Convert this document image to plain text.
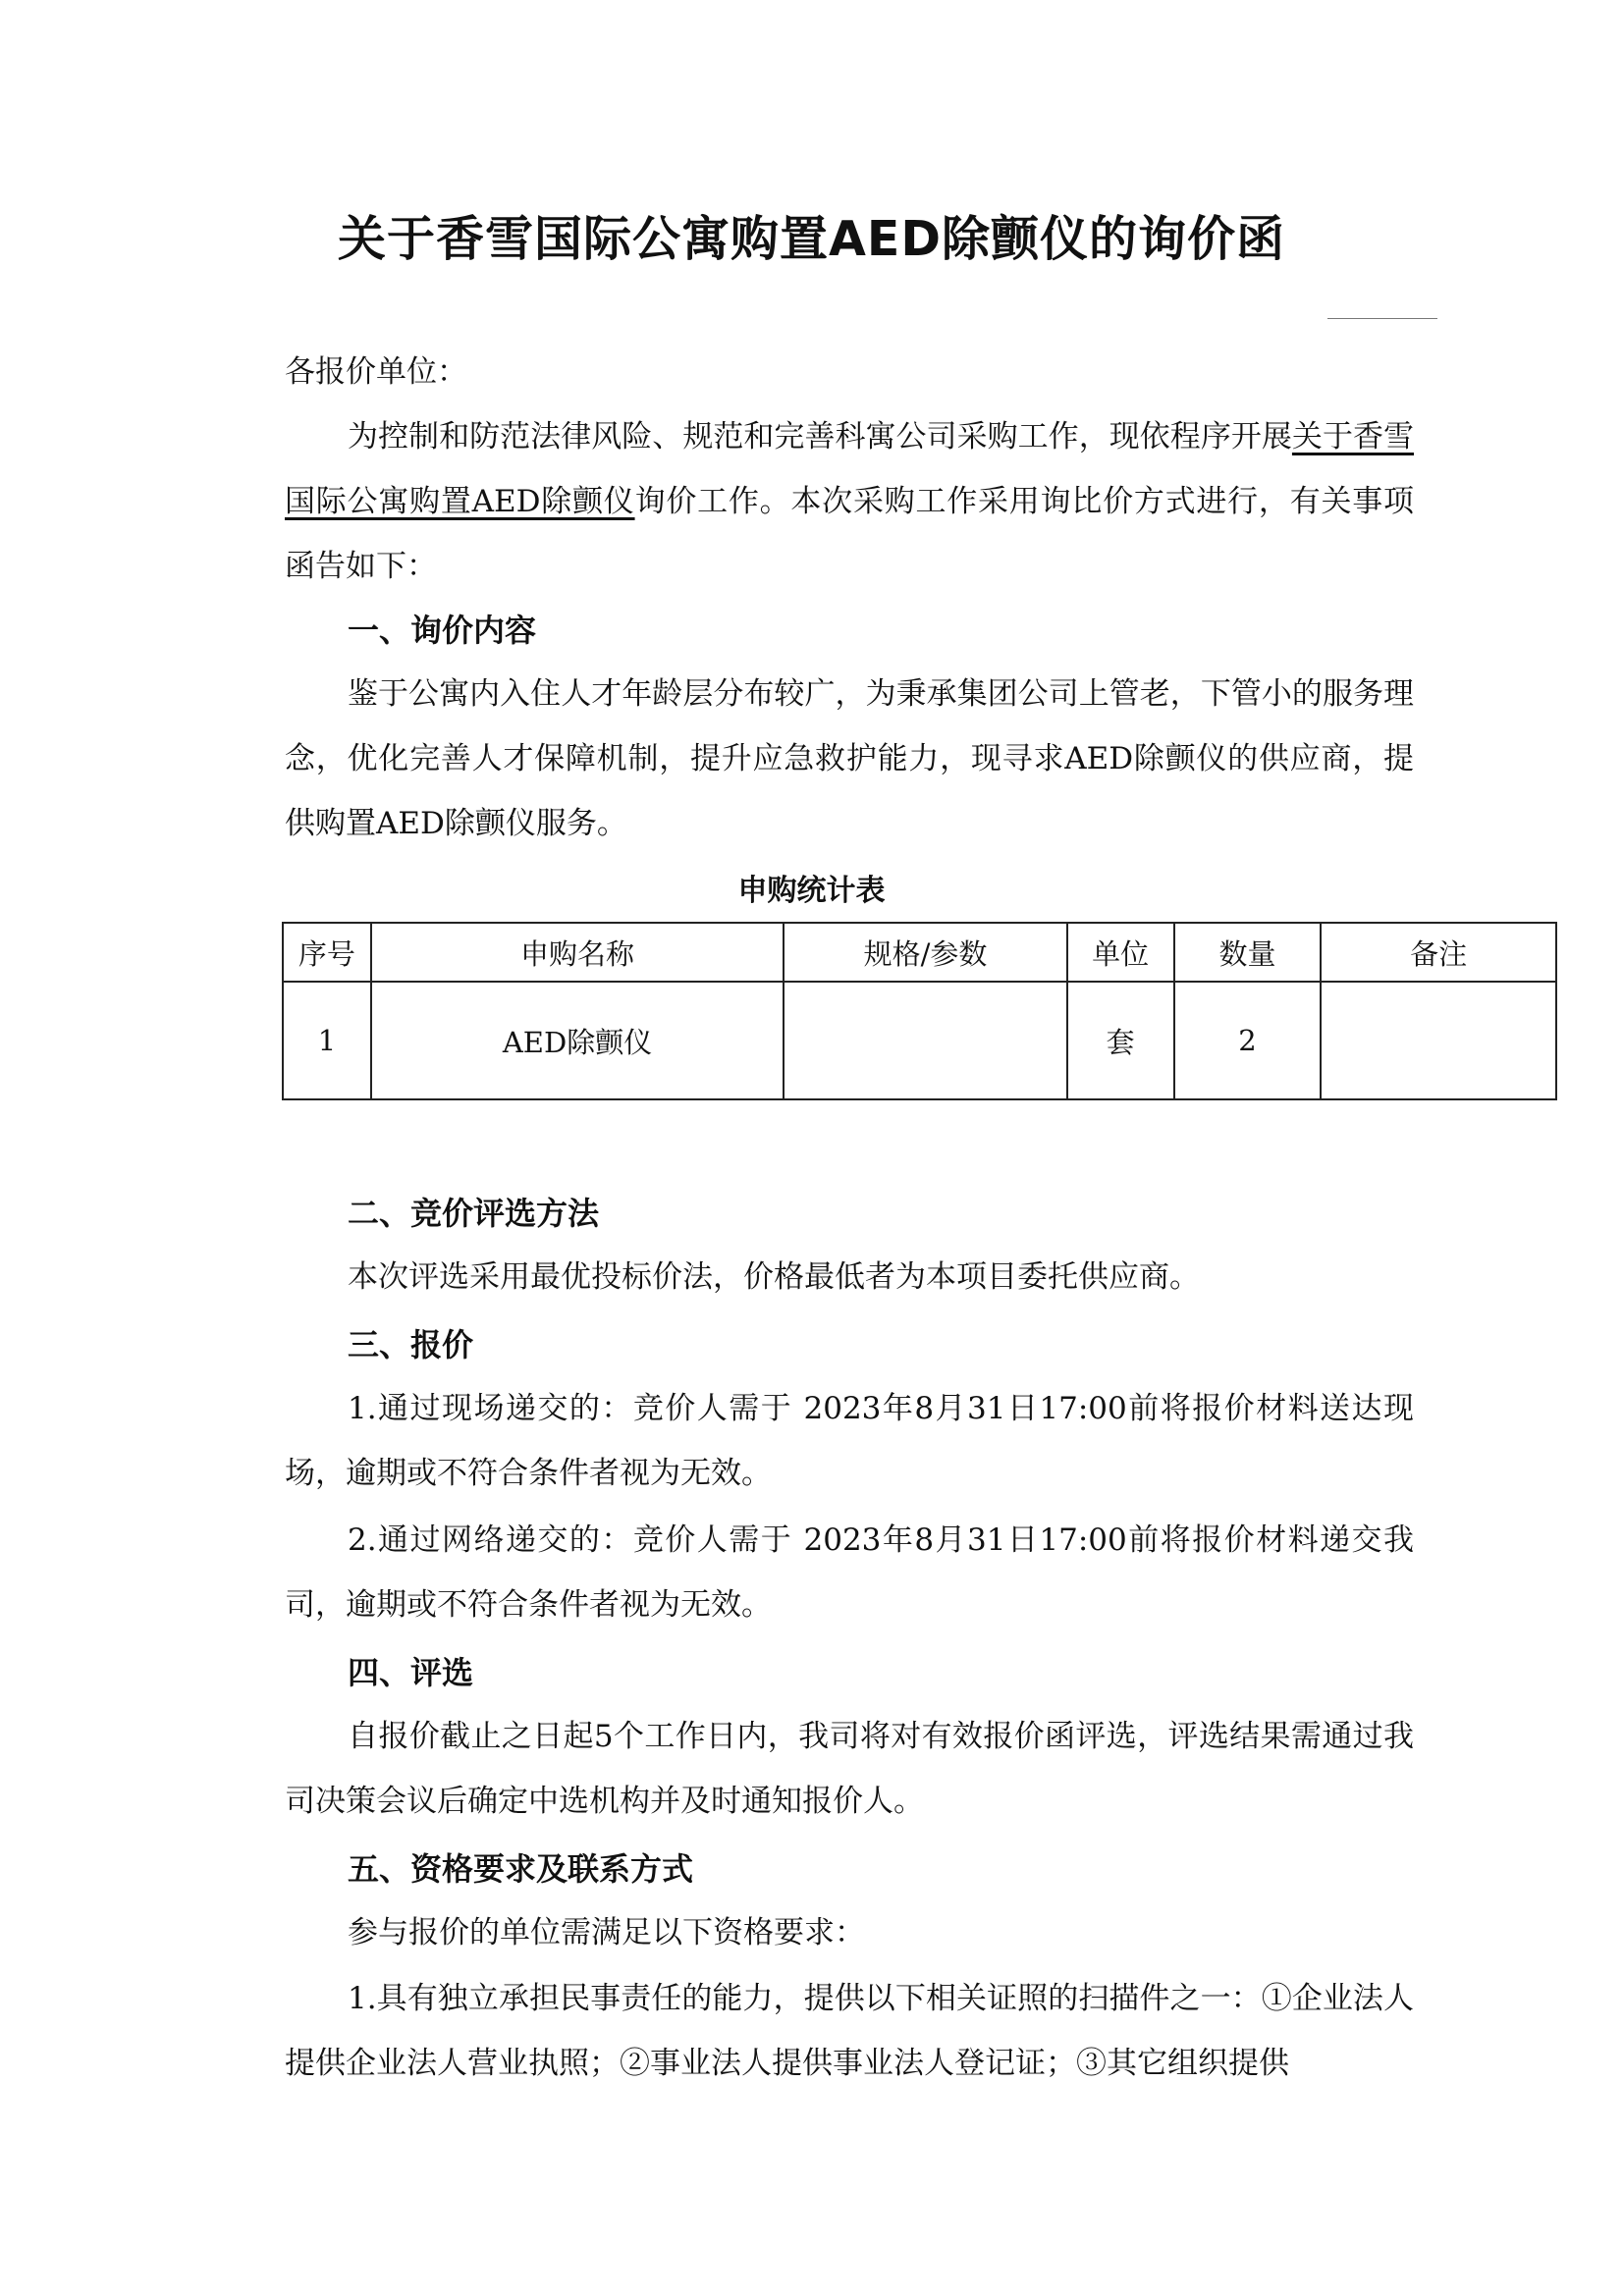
关于香雪国际公寓购置AED除颤仪的询价函
各报价单位：
为控制和防范法律风险、规范和完善科寓公司采购工作，现依程序开展关于香雪国际公寓购置AED除颤仪询价工作。本次采购工作采用询比价方式进行，有关事项函告如下：
一、询价内容
鉴于公寓内入住人才年龄层分布较广，为秉承集团公司上管老，下管小的服务理念，优化完善人才保障机制，提升应急救护能力，现寻求AED除颤仪的供应商，提供购置AED除颤仪服务。
申购统计表
序号	申购名称	规格/参数	单位	数量	备注
1	AED除颤仪		套	2	
二、竞价评选方法
本次评选采用最优投标价法，价格最低者为本项目委托供应商。
三、报价
1.通过现场递交的：竞价人需于 2023年8月31日17:00前将报价材料送达现场，逾期或不符合条件者视为无效。
2.通过网络递交的：竞价人需于 2023年8月31日17:00前将报价材料递交我司，逾期或不符合条件者视为无效。
四、评选
自报价截止之日起5个工作日内，我司将对有效报价函评选，评选结果需通过我司决策会议后确定中选机构并及时通知报价人。
五、资格要求及联系方式
参与报价的单位需满足以下资格要求：
1.具有独立承担民事责任的能力，提供以下相关证照的扫描件之一：①企业法人提供企业法人营业执照；②事业法人提供事业法人登记证；③其它组织提供
